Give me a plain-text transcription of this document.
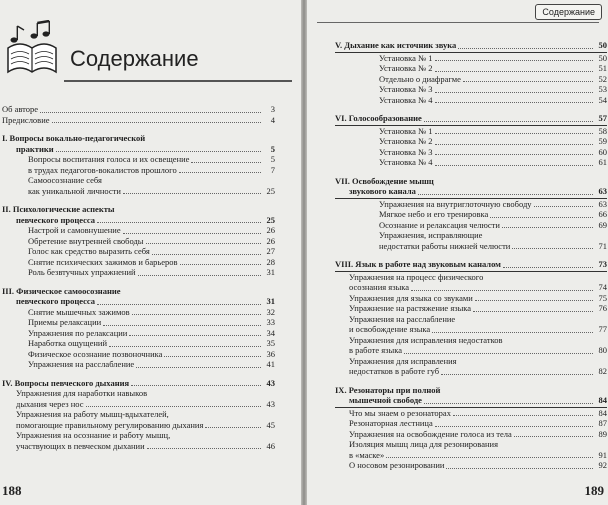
Содержание
Об авторе	3
Предисловие	4
I. Вопросы вокально-педагогической
практики	5
Вопросы воспитания голоса и их освещение	5
в трудах педагогов-вокалистов прошлого	7
Самоосознание себя
как уникальной личности	25
II. Психологические аспекты
певческого процесса	25
Настрой и самовнушение	26
Обретение внутренней свободы	26
Голос как средство выразить себя	27
Снятие психических зажимов и барьеров	28
Роль безвтучных упражнений	31
III. Физическое самоосознание
певческого процесса	31
Снятие мышечных зажимов	32
Приемы релаксации	33
Упражнения по релаксации	34
Наработка ощущений	35
Физическое осознание позвоночника	36
Упражнения на расслабление	41
IV. Вопросы певческого дыхания	43
Упражнения для наработки навыков
дыхания через нос	43
Упражнения на работу мышц-вдыхателей,
помогающие правильному регулированию дыхания	45
Упражнения на осознание и работу мышц,
участвующих в певческом дыхании	46
188
Содержание
V. Дыхание как источник звука	50
Установка № 1	50
Установка № 2	51
Отдельно о диафрагме	52
Установка № 3	53
Установка № 4	54
VI. Голосообразование	57
Установка № 1	58
Установка № 2	59
Установка № 3	60
Установка № 4	61
VII. Освобождение мышц
звукового канала	63
Упражнения на внутриглоточную свободу	63
Мягкое небо и его тренировка	66
Осознание и релаксация челюсти	69
Упражнения, исправляющие
недостатки работы нижней челюсти	71
VIII. Язык в работе над звуковым каналом	73
Упражнения на процесс физического
осознания языка	74
Упражнения для языка со звуками	75
Упражнение на растяжение языка	76
Упражнения на расслабление
и освобождение языка	77
Упражнения для исправления недостатков
в работе языка	80
Упражнения для исправления
недостатков в работе губ	82
IX. Резонаторы при полной
мышечной свободе	84
Что мы знаем о резонаторах	84
Резонаторная лестница	87
Упражнения на освобождение голоса из тела	89
Изоляция мышц лица для резонирования
в «маске»	91
О носовом резонировании	92
189
